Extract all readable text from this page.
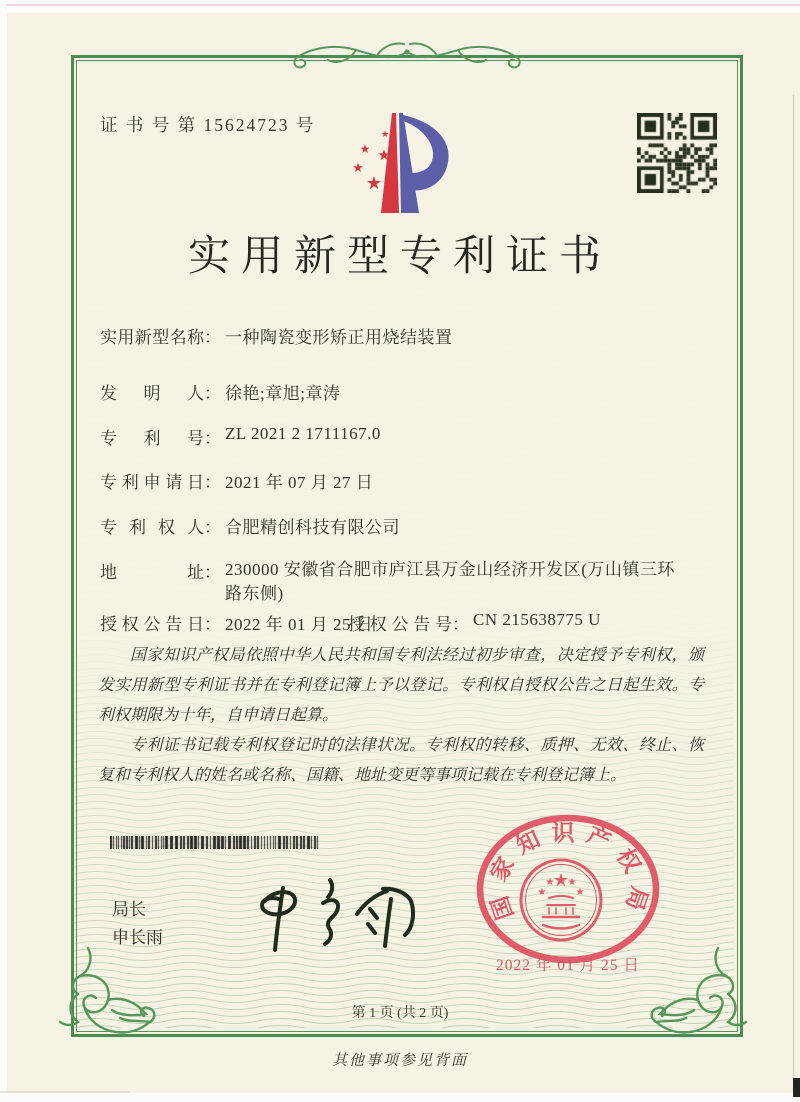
证 书 号 第 15624723 号	★
★ ★
★
★
实用新型专利证书
实用新型名称： 一种陶瓷变形矫正用烧结装置
发明人： 徐艳;章旭;章涛
专利号： ZL 2021 2 1711167.0
专利申请日： 2021 年 07 月 27 日
专利权人： 合肥精创科技有限公司
地址： 230000 安徽省合肥市庐江县万金山经济开发区(万山镇三环路东侧)
授权公告日： 2022 年 01 月 25 日
授权公告号： CN 215638775 U

国家知识产权局依照中华人民共和国专利法经过初步审查，决定授予专利权，颁发实用新型专利证书并在专利登记簿上予以登记。专利权自授权公告之日起生效。专利权期限为十年，自申请日起算。

专利证书记载专利权登记时的法律状况。专利权的转移、质押、无效、终止、恢复和专利权人的姓名或名称、国籍、地址变更等事项记载在专利登记簿上。

局长
申长雨
国家知识产权局
★
★
★ ★
★
2022 年 01 月 25 日
第 1 页 (共 2 页)
其他事项参见背面
